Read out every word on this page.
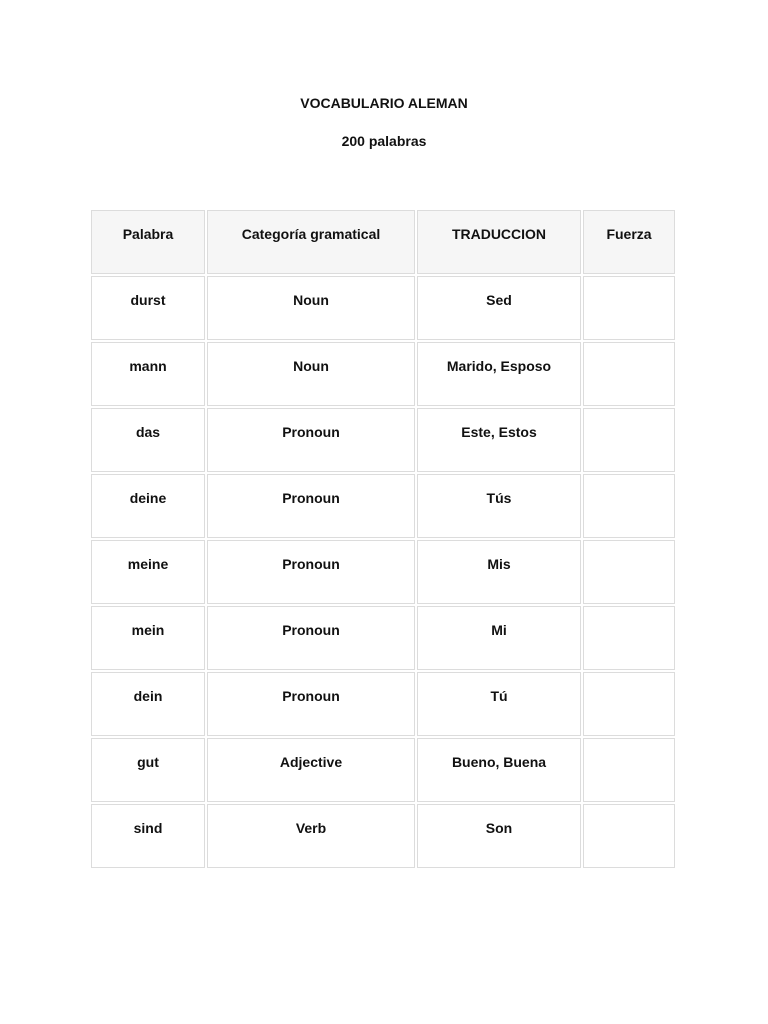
VOCABULARIO ALEMAN
200 palabras
Palabra	Categoría gramatical	TRADUCCION	Fuerza
durst	Noun	Sed	
mann	Noun	Marido, Esposo	
das	Pronoun	Este, Estos	
deine	Pronoun	Tús	
meine	Pronoun	Mis	
mein	Pronoun	Mi	
dein	Pronoun	Tú	
gut	Adjective	Bueno, Buena	
sind	Verb	Son	
